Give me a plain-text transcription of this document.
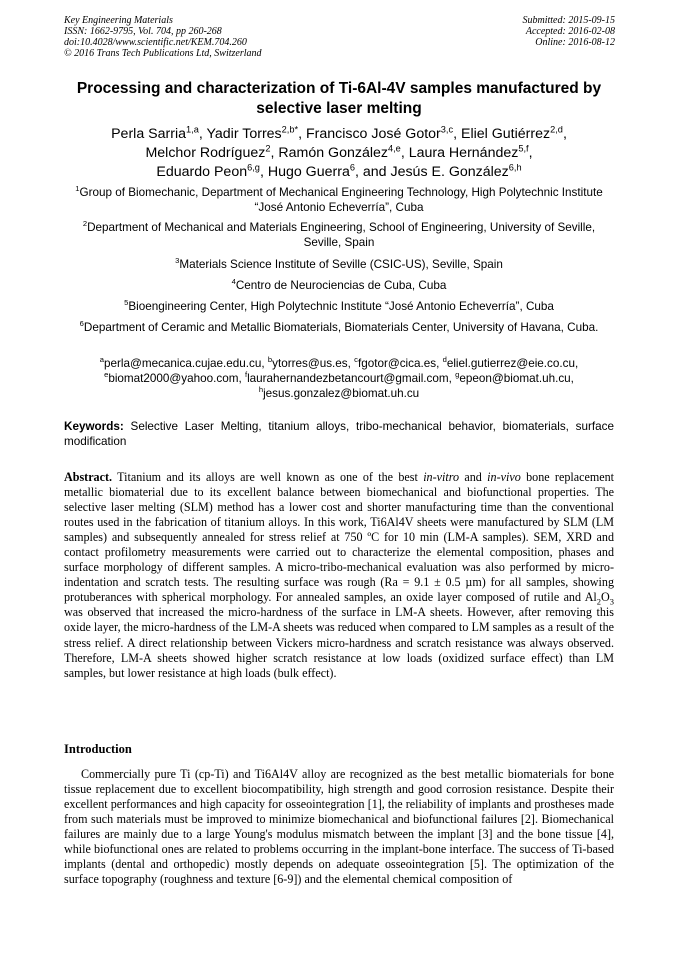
Key Engineering Materials
ISSN: 1662-9795, Vol. 704, pp 260-268
doi:10.4028/www.scientific.net/KEM.704.260
© 2016 Trans Tech Publications Ltd, Switzerland
Submitted: 2015-09-15
Accepted: 2016-02-08
Online: 2016-08-12
Processing and characterization of Ti-6Al-4V samples manufactured by selective laser melting
Perla Sarria$^{1,a}$, Yadir Torres$^{2,b*}$, Francisco José Gotor$^{3,c}$, Eliel Gutiérrez$^{2,d}$,
Melchor Rodríguez$^2$, Ramón González$^{4,e}$, Laura Hernández$^{5,f}$,
Eduardo Peon$^{6,g}$, Hugo Guerra$^6$, and Jesús E. González$^{6,h}$
$^1$Group of Biomechanic, Department of Mechanical Engineering Technology, High Polytechnic Institute “José Antonio Echeverría”, Cuba
$^2$Department of Mechanical and Materials Engineering, School of Engineering, University of Seville, Seville, Spain
$^3$Materials Science Institute of Seville (CSIC-US), Seville, Spain
$^4$Centro de Neurociencias de Cuba, Cuba
$^5$Bioengineering Center, High Polytechnic Institute “José Antonio Echeverría”, Cuba
$^6$Department of Ceramic and Metallic Biomaterials, Biomaterials Center, University of Havana, Cuba.
$^a$perla@mecanica.cujae.edu.cu, $^b$ytorres@us.es, $^c$fgotor@cica.es, $^d$eliel.gutierrez@eie.co.cu,
$^e$biomat2000@yahoo.com, $^f$laurahernandezbetancourt@gmail.com, $^g$epeon@biomat.uh.cu,
$^h$jesus.gonzalez@biomat.uh.cu
Keywords: Selective Laser Melting, titanium alloys, tribo-mechanical behavior, biomaterials, surface modification
Abstract. Titanium and its alloys are well known as one of the best in-vitro and in-vivo bone replacement metallic biomaterial due to its excellent balance between biomechanical and biofunctional properties. The selective laser melting (SLM) method has a lower cost and shorter manufacturing time than the conventional routes used in the fabrication of titanium alloys. In this work, Ti6Al4V sheets were manufactured by SLM (LM samples) and subsequently annealed for stress relief at 750 ºC for 10 min (LM-A samples). SEM, XRD and contact profilometry measurements were carried out to characterize the elemental composition, phases and surface morphology of different samples. A micro-tribo-mechanical evaluation was also performed by micro-indentation and scratch tests. The resulting surface was rough (Ra = 9.1 ± 0.5 µm) for all samples, showing protuberances with spherical morphology. For annealed samples, an oxide layer composed of rutile and $Al_2O_3$ was observed that increased the micro-hardness of the surface in LM-A sheets. However, after removing this oxide layer, the micro-hardness of the LM-A sheets was reduced when compared to LM samples as a result of the stress relief. A direct relationship between Vickers micro-hardness and scratch resistance was always observed. Therefore, LM-A sheets showed higher scratch resistance at low loads (oxidized surface effect) than LM samples, but lower resistance at high loads (bulk effect).
Introduction
Commercially pure Ti (cp-Ti) and Ti6Al4V alloy are recognized as the best metallic biomaterials for bone tissue replacement due to excellent biocompatibility, high strength and good corrosion resistance. Despite their excellent performances and high capacity for osseointegration [1], the reliability of implants and prostheses made from such materials must be improved to minimize biomechanical and biofunctional failures [2]. Biomechanical failures are mainly due to a large Young's modulus mismatch between the implant [3] and the bone tissue [4], while biofunctional ones are related to problems occurring in the implant-bone interface. The success of Ti-based implants (dental and orthopedic) mostly depends on adequate osseointegration [5]. The optimization of the surface topography (roughness and texture [6-9]) and the elemental chemical composition of
